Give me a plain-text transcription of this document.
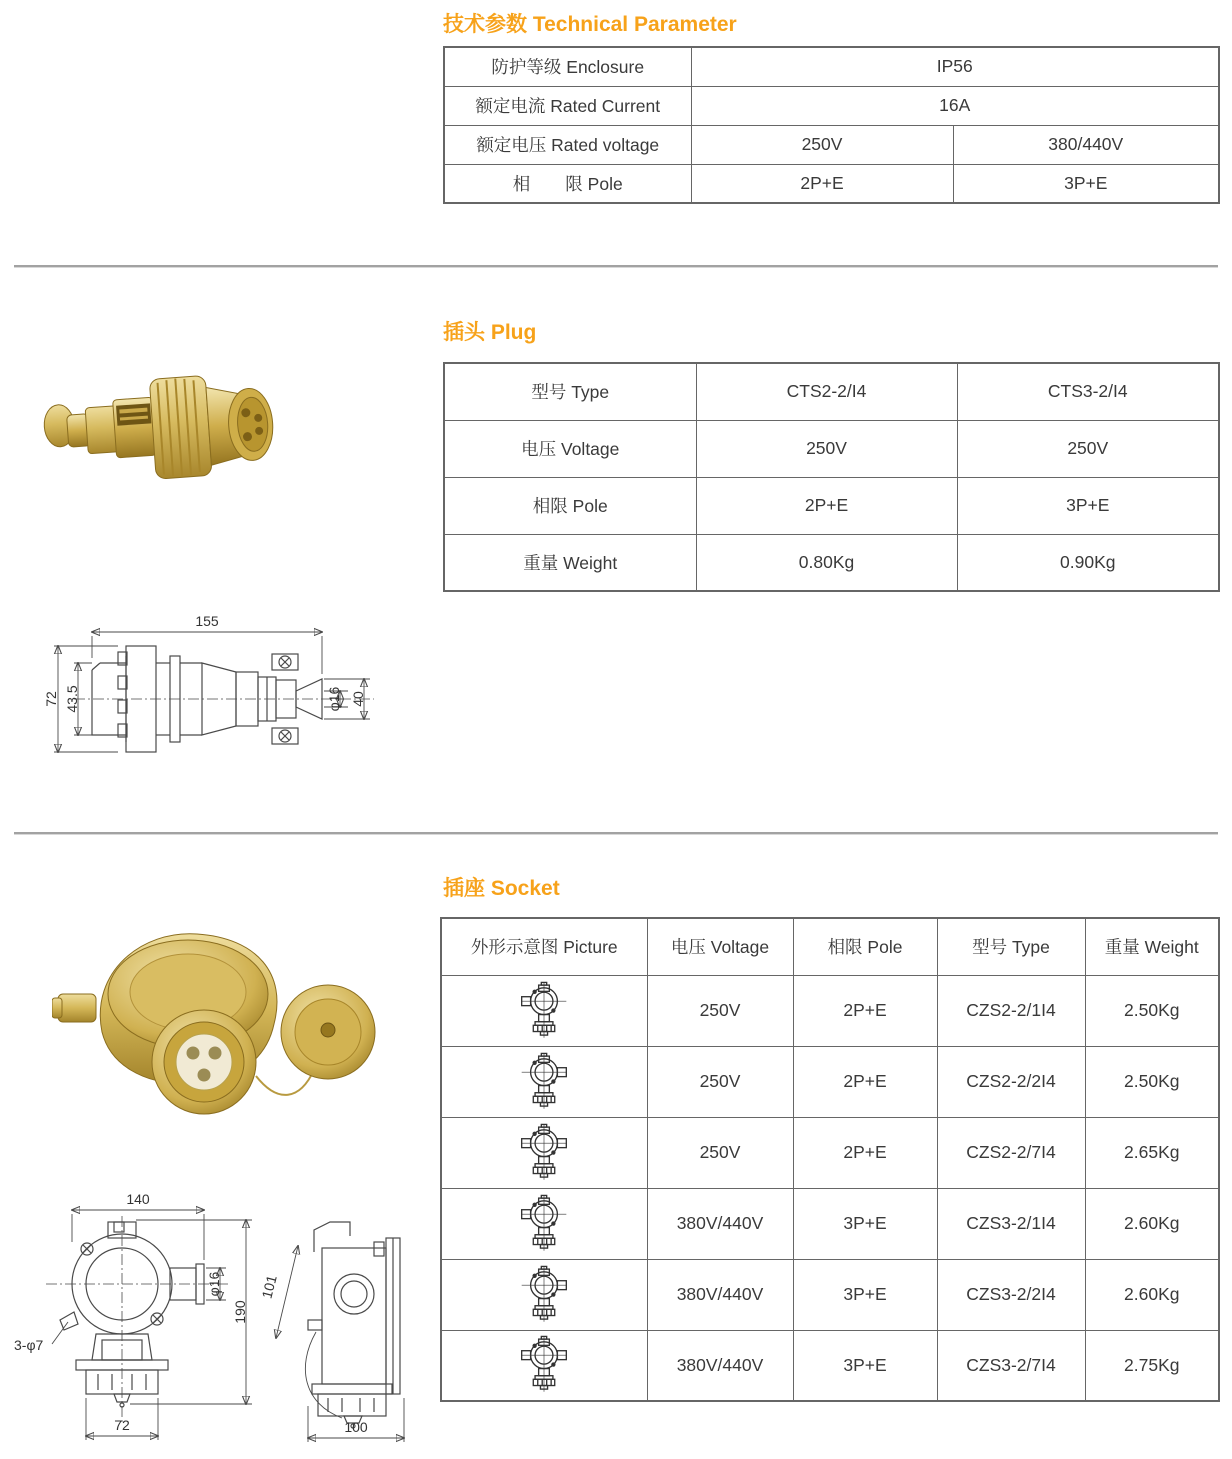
技术参数 Technical Parameter
防护等级 Enclosure	IP56	
额定电流 Rated Current	16A	
额定电压 Rated voltage	250V	380/440V
相　　限 Pole	2P+E	3P+E
插头 Plug
型号 Type	CTS2-2/I4	CTS3-2/I4
电压 Voltage	250V	250V
相限 Pole	2P+E	3P+E
重量 Weight	0.80Kg	0.90Kg
155
72 43.5	φ16 40
插座 Socket
外形示意图 Picture	电压 Voltage	相限 Pole	型号 Type	重量 Weight
	250V	2P+E	CZS2-2/1I4	2.50Kg
	250V	2P+E	CZS2-2/2I4	2.50Kg
	250V	2P+E	CZS2-2/7I4	2.65Kg
	380V/440V	3P+E	CZS3-2/1I4	2.60Kg
	380V/440V	3P+E	CZS3-2/2I4	2.60Kg
	380V/440V	3P+E	CZS3-2/7I4	2.75Kg
140
φ16
190
3-φ7
72
101
100
